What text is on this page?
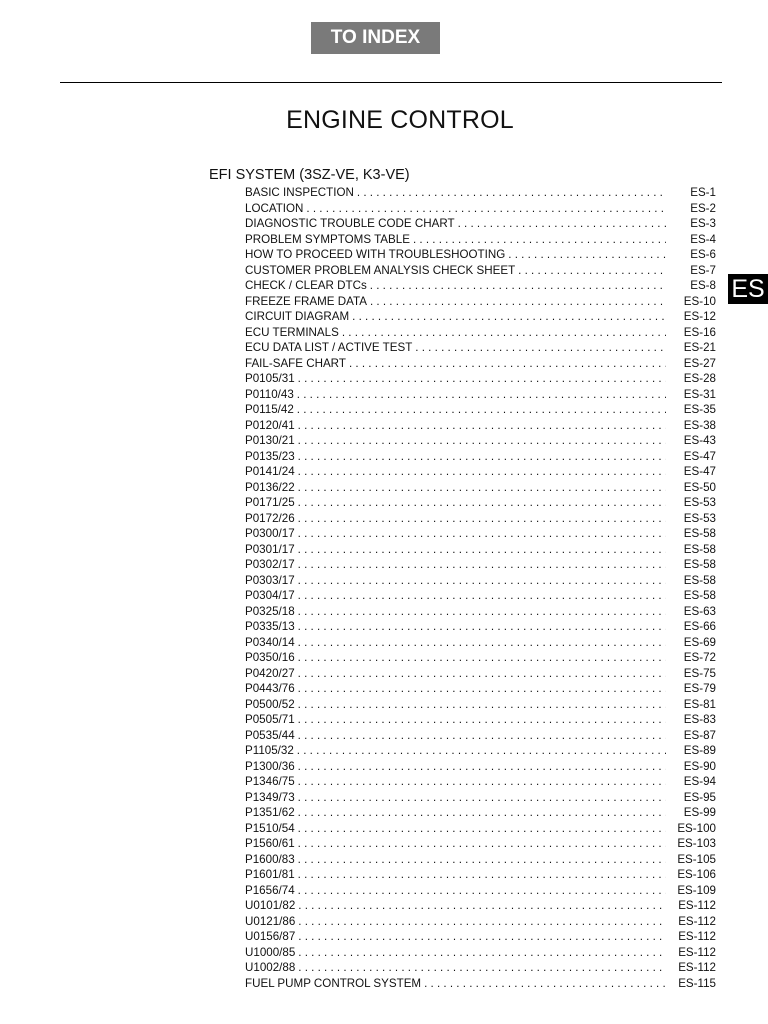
TO INDEX
ENGINE CONTROL
EFI SYSTEM (3SZ-VE, K3-VE)
ES
BASIC INSPECTION . . .	ES-1
LOCATION . . .	ES-2
DIAGNOSTIC TROUBLE CODE CHART . . .	ES-3
PROBLEM SYMPTOMS TABLE . . .	ES-4
HOW TO PROCEED WITH TROUBLESHOOTING . . .	ES-6
CUSTOMER PROBLEM ANALYSIS CHECK SHEET . . .	ES-7
CHECK / CLEAR DTCs . . .	ES-8
FREEZE FRAME DATA . . .	ES-10
CIRCUIT DIAGRAM . . .	ES-12
ECU TERMINALS . . .	ES-16
ECU DATA LIST / ACTIVE TEST . . .	ES-21
FAIL-SAFE CHART . . .	ES-27
P0105/31 . . .	ES-28
P0110/43 . . .	ES-31
P0115/42 . . .	ES-35
P0120/41 . . .	ES-38
P0130/21 . . .	ES-43
P0135/23 . . .	ES-47
P0141/24 . . .	ES-47
P0136/22 . . .	ES-50
P0171/25 . . .	ES-53
P0172/26 . . .	ES-53
P0300/17 . . .	ES-58
P0301/17 . . .	ES-58
P0302/17 . . .	ES-58
P0303/17 . . .	ES-58
P0304/17 . . .	ES-58
P0325/18 . . .	ES-63
P0335/13 . . .	ES-66
P0340/14 . . .	ES-69
P0350/16 . . .	ES-72
P0420/27 . . .	ES-75
P0443/76 . . .	ES-79
P0500/52 . . .	ES-81
P0505/71 . . .	ES-83
P0535/44 . . .	ES-87
P1105/32 . . .	ES-89
P1300/36 . . .	ES-90
P1346/75 . . .	ES-94
P1349/73 . . .	ES-95
P1351/62 . . .	ES-99
P1510/54 . . .	ES-100
P1560/61 . . .	ES-103
P1600/83 . . .	ES-105
P1601/81 . . .	ES-106
P1656/74 . . .	ES-109
U0101/82 . . .	ES-112
U0121/86 . . .	ES-112
U0156/87 . . .	ES-112
U1000/85 . . .	ES-112
U1002/88 . . .	ES-112
FUEL PUMP CONTROL SYSTEM . . .	ES-115
